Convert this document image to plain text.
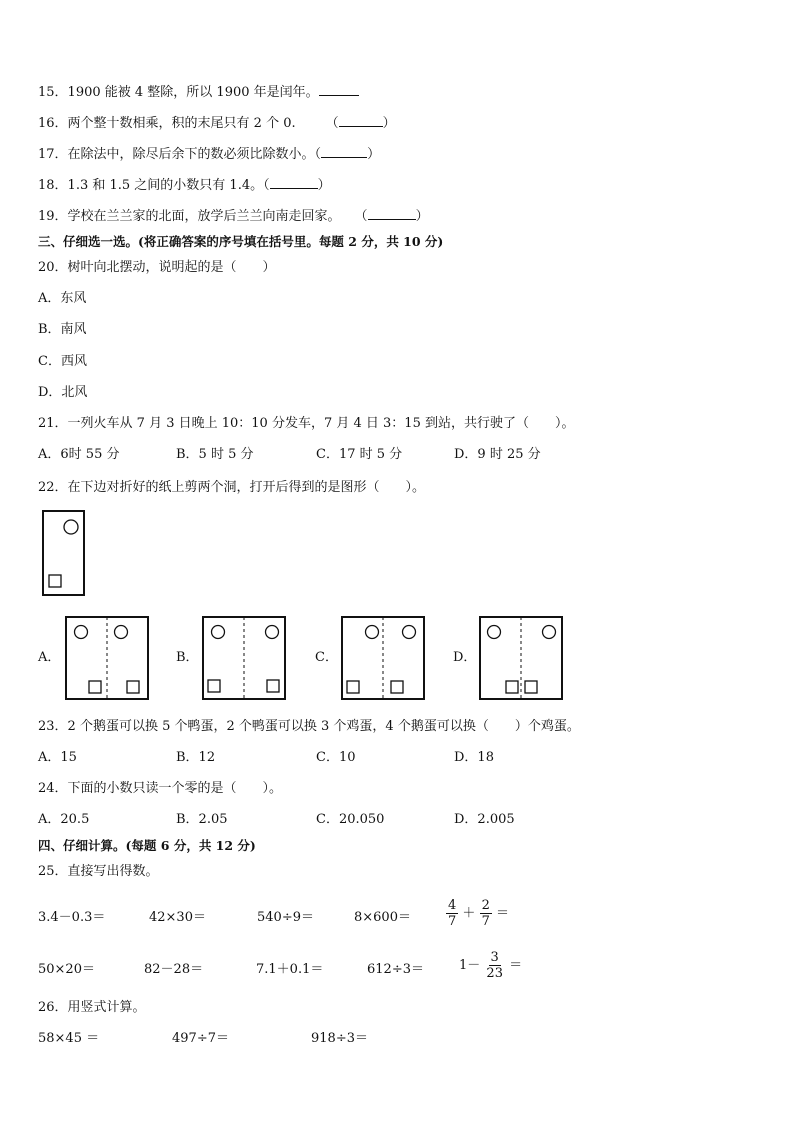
15．1900 能被 4 整除，所以 1900 年是闰年。
16．两个整十数相乘，积的末尾只有 2 个 0. （	）
17．在除法中，除尽后余下的数必须比除数小。（	）
18．1.3 和 1.5 之间的小数只有 1.4。（	）
19．学校在兰兰家的北面，放学后兰兰向南走回家。 （	）
三、仔细选一选。(将正确答案的序号填在括号里。每题 2 分，共 10 分)
20．树叶向北摆动，说明起的是（　　）
A．东风
B．南风
C．西风
D．北风
21．一列火车从 7 月 3 日晚上 10：10 分发车，7 月 4 日 3：15 到站，共行驶了（　　）。
A．6时 55 分	B．5 时 5 分	C．17 时 5 分	D．9 时 25 分
22．在下边对折好的纸上剪两个洞，打开后得到的是图形（　　）。
A．	B．	C．	D．
23．2 个鹅蛋可以换 5 个鸭蛋，2 个鸭蛋可以换 3 个鸡蛋，4 个鹅蛋可以换（　　）个鸡蛋。
A．15	B．12	C．10	D．18
24．下面的小数只读一个零的是（　　）。
A．20.5	B．2.05	C．20.050	D．2.005
四、仔细计算。(每题 6 分，共 12 分)
25．直接写出得数。
3.4－0.3＝	42×30＝	540÷9＝	8×600＝	$\frac{4}{7} + \frac{2}{7}$ ＝
50×20＝	82－28＝	7.1＋0.1＝	612÷3＝	$1- \frac{3}{23}$ ＝
26．用竖式计算。
58×45 ＝	497÷7＝	918÷3＝
